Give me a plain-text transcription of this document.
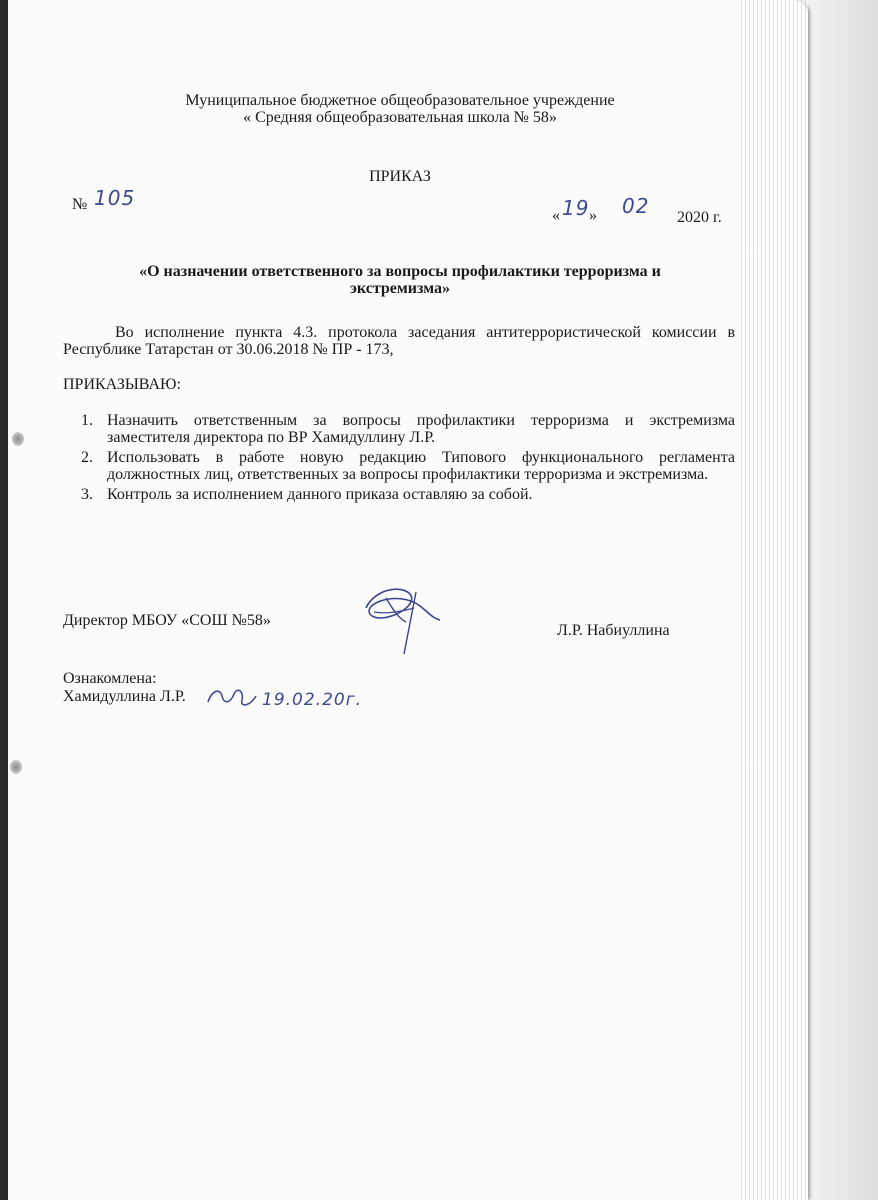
Муниципальное бюджетное общеобразовательное учреждение
« Средняя общеобразовательная школа № 58»
ПРИКАЗ
№ 105
« 19 » 02 2020 г.
«О назначении ответственного за вопросы профилактики терроризма и
экстремизма»
Во исполнение пункта 4.3. протокола заседания антитеррористической комиссии в Республике Татарстан от 30.06.2018 № ПР - 173,
ПРИКАЗЫВАЮ:
1. Назначить ответственным за вопросы профилактики терроризма и экстремизма заместителя директора по ВР Хамидуллину Л.Р.
2. Использовать в работе новую редакцию Типового функционального регламента должностных лиц, ответственных за вопросы профилактики терроризма и экстремизма.
3. Контроль за исполнением данного приказа оставляю за собой.
Директор МБОУ «СОШ №58»
Л.Р. Набиуллина
Ознакомлена:
Хамидуллина Л.Р.	19.02.20г.
